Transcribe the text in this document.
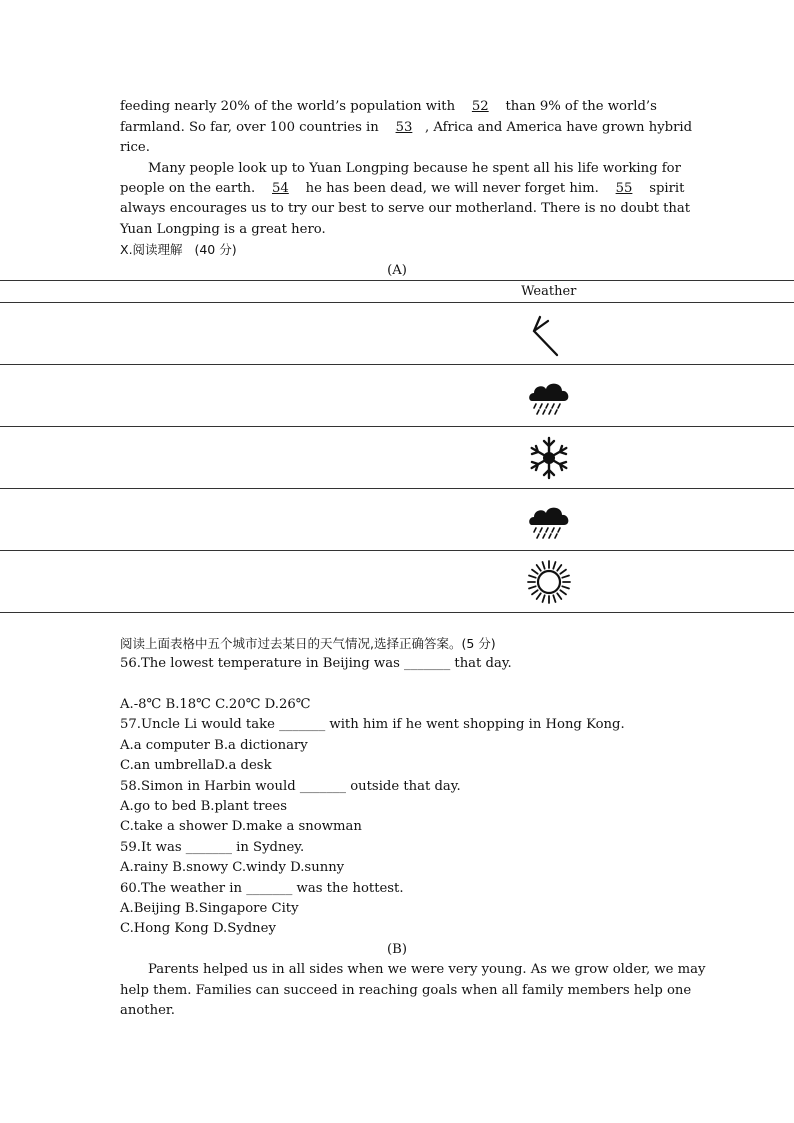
feeding nearly 20% of the world’s population with 52 than 9% of the world’s
farmland. So far, over 100 countries in 53 , Africa and America have grown hybrid
rice.
Many people look up to Yuan Longping because he spent all his life working for
people on the earth. 54 he has been dead, we will never forget him. 55 spirit
always encourages us to try our best to serve our motherland. There is no doubt that
Yuan Longping is a great hero.
X.阅读理解 (40 分)
(A)
	Weather	

阅读上面表格中五个城市过去某日的天气情况,选择正确答案。(5 分)
56.The lowest temperature in Beijing was _______ that day.
A.-8℃ B.18℃ C.20℃ D.26℃
57.Uncle Li would take _______ with him if he went shopping in Hong Kong.
A.a computer B.a dictionary
C.an umbrellaD.a desk
58.Simon in Harbin would _______ outside that day.
A.go to bed B.plant trees
C.take a shower D.make a snowman
59.It was _______ in Sydney.
A.rainy B.snowy C.windy D.sunny
60.The weather in _______ was the hottest.
A.Beijing B.Singapore City
C.Hong Kong D.Sydney
(B)
Parents helped us in all sides when we were very young. As we grow older, we may
help them. Families can succeed in reaching goals when all family members help one
another.
